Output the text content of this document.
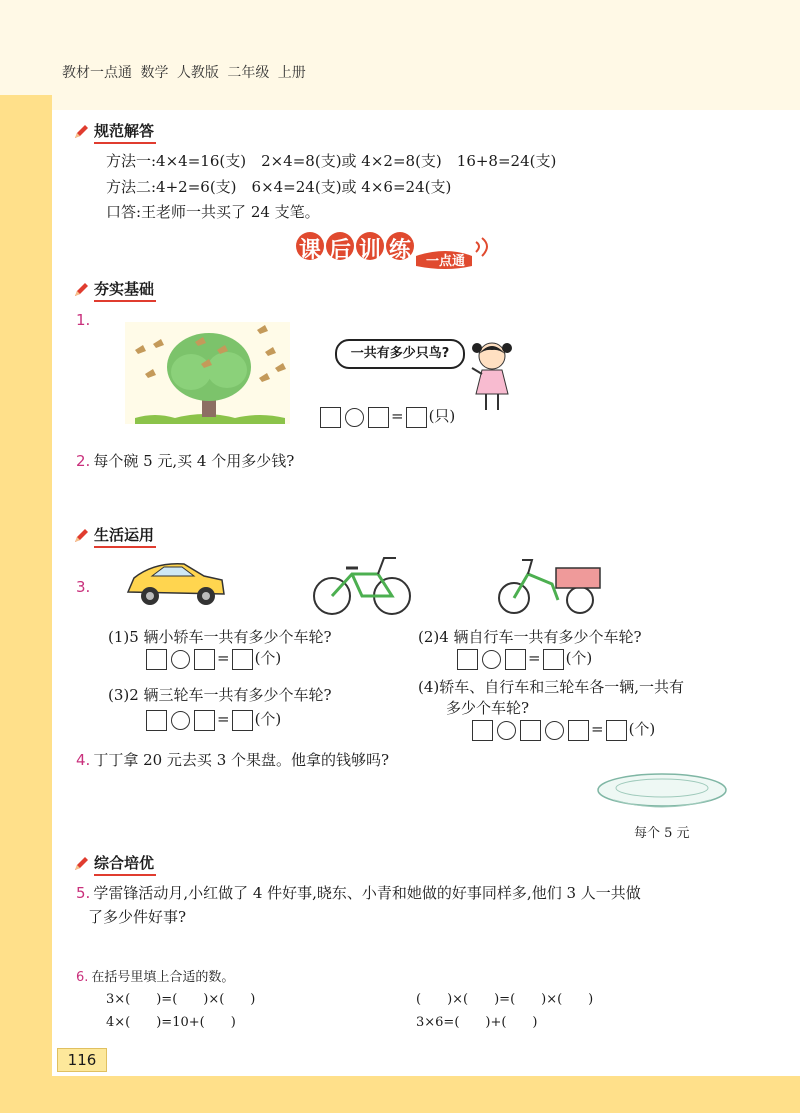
教材一点通 数学 人教版 二年级 上册
规范解答
方法一:4×4=16(支)　2×4=8(支)或 4×2=8(支)　16+8=24(支)
方法二:4+2=6(支)　6×4=24(支)或 4×6=24(支)
口答:王老师一共买了 24 支笔。
课后训练 一点通
夯实基础
1.
一共有多少只鸟?
= (只)
2. 每个碗 5 元,买 4 个用多少钱?
生活运用
3.
(1)5 辆小轿车一共有多少个车轮?
= (个)
(2)4 辆自行车一共有多少个车轮?
= (个)
(3)2 辆三轮车一共有多少个车轮?
= (个)
(4)轿车、自行车和三轮车各一辆,一共有
多少个车轮?
= (个)
4. 丁丁拿 20 元去买 3 个果盘。他拿的钱够吗?
每个 5 元
综合培优
5. 学雷锋活动月,小红做了 4 件好事,晓东、小青和她做的好事同样多,他们 3 人一共做
了多少件好事?
6. 在括号里填上合适的数。
3×(　　)=(　　)×(　　)	(　　)×(　　)=(　　)×(　　)
4×(　　)=10+(　　)	3×6=(　　)+(　　)
116
